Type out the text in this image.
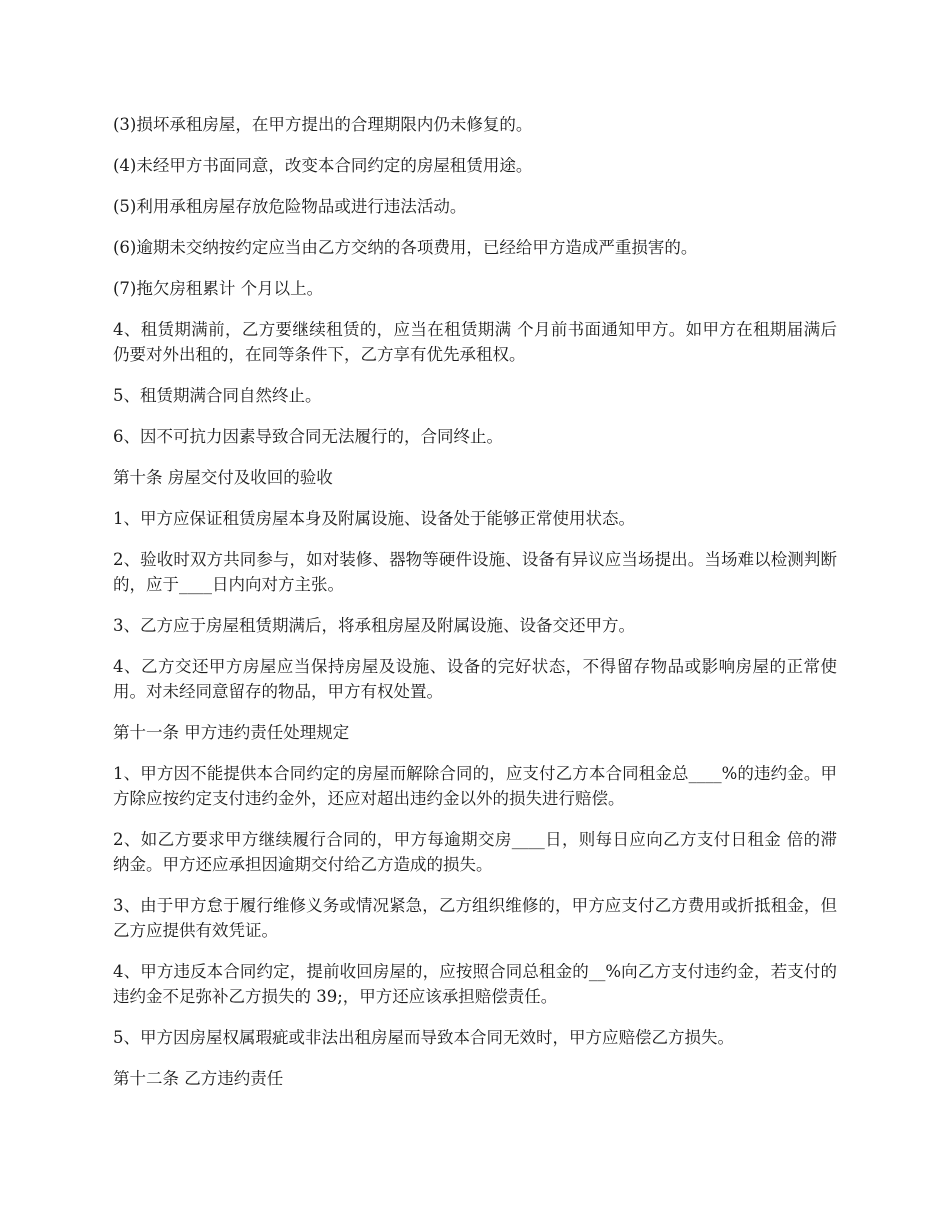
(3)损坏承租房屋，在甲方提出的合理期限内仍未修复的。

(4)未经甲方书面同意，改变本合同约定的房屋租赁用途。

(5)利用承租房屋存放危险物品或进行违法活动。

(6)逾期未交纳按约定应当由乙方交纳的各项费用，已经给甲方造成严重损害的。

(7)拖欠房租累计 个月以上。

4、租赁期满前，乙方要继续租赁的，应当在租赁期满 个月前书面通知甲方。如甲方在租期届满后仍要对外出租的，在同等条件下，乙方享有优先承租权。

5、租赁期满合同自然终止。

6、因不可抗力因素导致合同无法履行的，合同终止。

第十条 房屋交付及收回的验收

1、甲方应保证租赁房屋本身及附属设施、设备处于能够正常使用状态。

2、验收时双方共同参与，如对装修、器物等硬件设施、设备有异议应当场提出。当场难以检测判断的，应于____日内向对方主张。

3、乙方应于房屋租赁期满后，将承租房屋及附属设施、设备交还甲方。

4、乙方交还甲方房屋应当保持房屋及设施、设备的完好状态，不得留存物品或影响房屋的正常使用。对未经同意留存的物品，甲方有权处置。

第十一条 甲方违约责任处理规定

1、甲方因不能提供本合同约定的房屋而解除合同的，应支付乙方本合同租金总____%的违约金。甲方除应按约定支付违约金外，还应对超出违约金以外的损失进行赔偿。

2、如乙方要求甲方继续履行合同的，甲方每逾期交房____日，则每日应向乙方支付日租金 倍的滞纳金。甲方还应承担因逾期交付给乙方造成的损失。

3、由于甲方怠于履行维修义务或情况紧急，乙方组织维修的，甲方应支付乙方费用或折抵租金，但乙方应提供有效凭证。

4、甲方违反本合同约定，提前收回房屋的，应按照合同总租金的__%向乙方支付违约金，若支付的违约金不足弥补乙方损失的 39;，甲方还应该承担赔偿责任。

5、甲方因房屋权属瑕疵或非法出租房屋而导致本合同无效时，甲方应赔偿乙方损失。

第十二条 乙方违约责任
